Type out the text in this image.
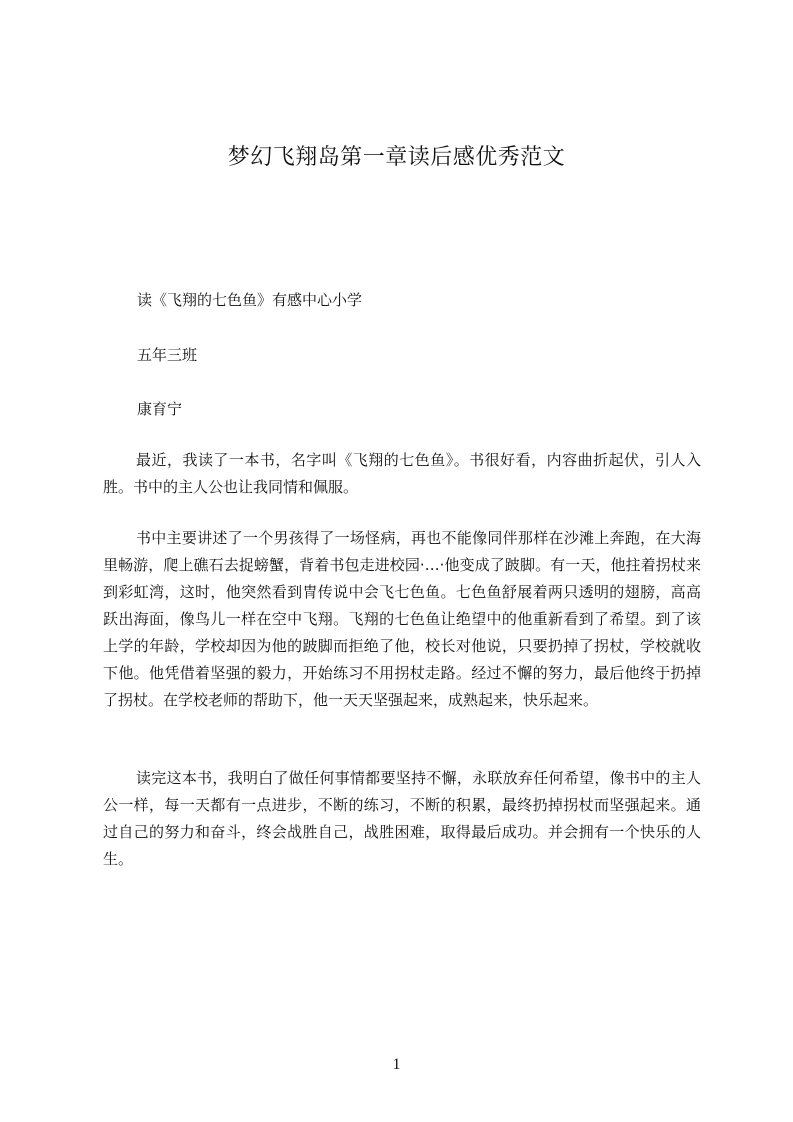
梦幻飞翔岛第一章读后感优秀范文
读《飞翔的七色鱼》有感中心小学
五年三班
康育宁
最近，我读了一本书，名字叫《飞翔的七色鱼》。书很好看，内容曲折起伏，引人入胜。书中的主人公也让我同情和佩服。
书中主要讲述了一个男孩得了一场怪病，再也不能像同伴那样在沙滩上奔跑，在大海里畅游，爬上礁石去捉螃蟹，背着书包走进校园·…·他变成了跛脚。有一天，他拄着拐杖来到彩虹湾，这时，他突然看到冑传说中会飞七色鱼。七色鱼舒展着两只透明的翅膀，高高跃出海面，像鸟儿一样在空中飞翔。飞翔的七色鱼让绝望中的他重新看到了希望。到了该上学的年龄，学校却因为他的跛脚而拒绝了他，校长对他说，只要扔掉了拐杖，学校就收下他。他凭借着坚强的毅力，开始练习不用拐杖走路。经过不懈的努力，最后他终于扔掉了拐杖。在学校老师的帮助下，他一天天坚强起来，成熟起来，快乐起来。
读完这本书，我明白了做任何事情都要坚持不懈，永联放弃任何希望，像书中的主人公一样，每一天都有一点进步，不断的练习，不断的积累，最终扔掉拐杖而坚强起来。通过自己的努力和奋斗，终会战胜自己，战胜困难，取得最后成功。并会拥有一个快乐的人生。
1
